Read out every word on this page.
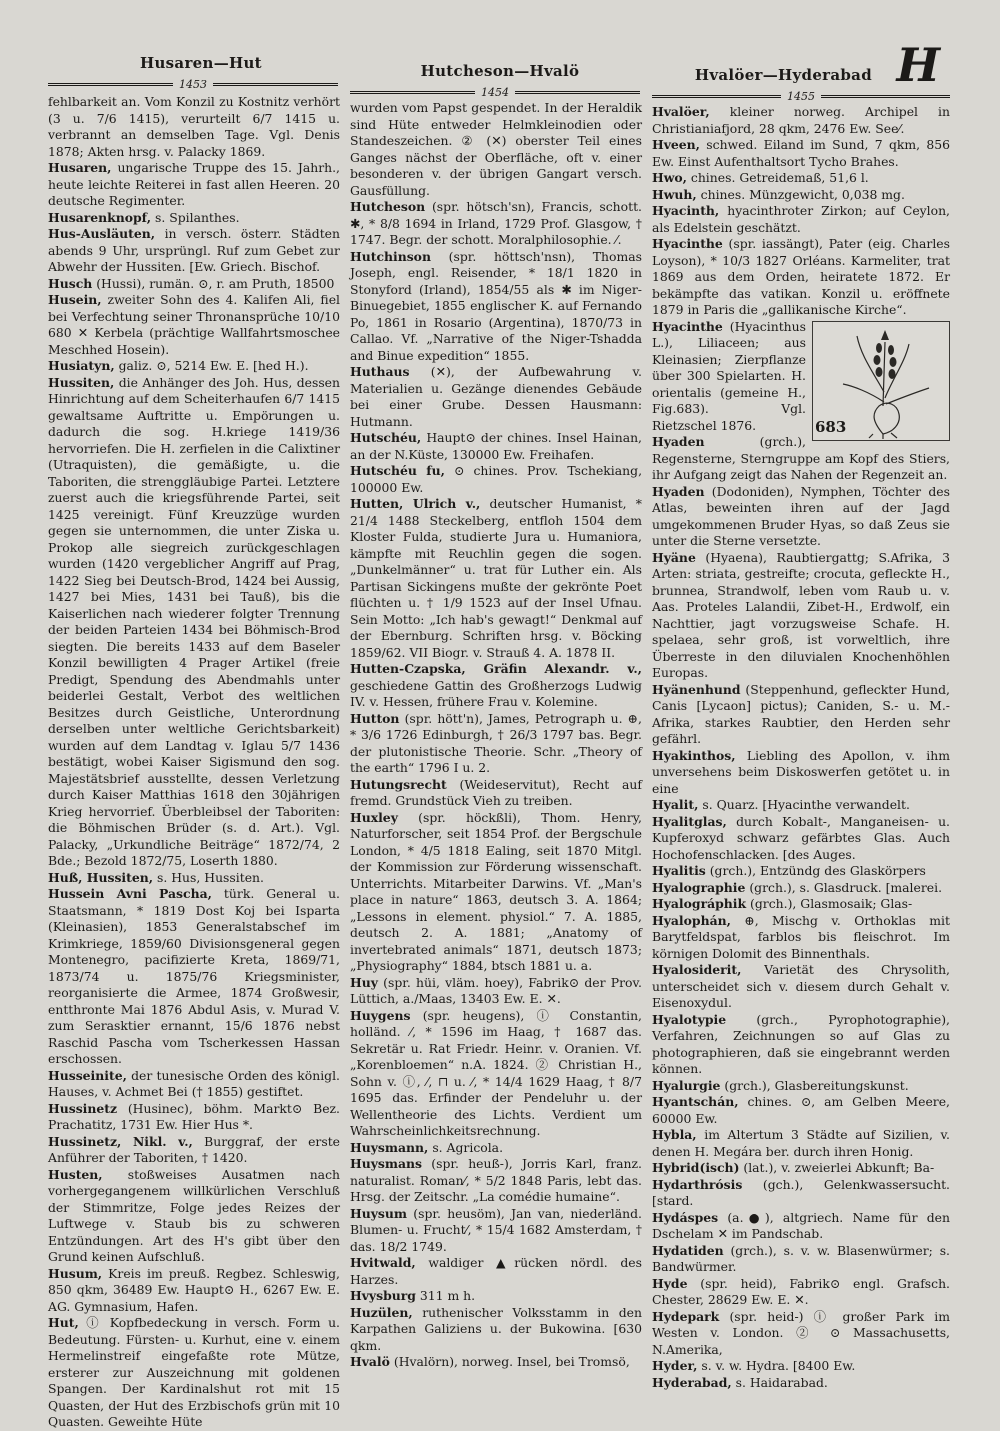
Husaren—Hut	Hutcheson—Hvalö	Hvalöer—Hyderabad H
1453
1454	1455

fehlbarkeit an. Vom Konzil zu Kostnitz verhört (3 u. 7/6 1415), verurteilt 6/7 1415 u. verbrannt an demselben Tage. Vgl. Denis 1878; Akten hrsg. v. Palacky 1869.

Husaren, ungarische Truppe des 15. Jahrh., heute leichte Reiterei in fast allen Heeren. 20 deutsche Regimenter.

Husarenknopf, s. Spilanthes.

Hus-Ausläuten, in versch. österr. Städten abends 9 Uhr, ursprüngl. Ruf zum Gebet zur Abwehr der Hussiten. [Ew. Griech. Bischof.

Husch (Hussi), rumän. ⊙, r. am Pruth, 18500

Husein, zweiter Sohn des 4. Kalifen Ali, fiel bei Verfechtung seiner Thronansprüche 10/10 680 ✕ Kerbela (prächtige Wallfahrtsmoschee Meschhed Hosein).

Husiatyn, galiz. ⊙, 5214 Ew. E. [hed H.).

Hussiten, die Anhänger des Joh. Hus, dessen Hinrichtung auf dem Scheiterhaufen 6/7 1415 gewaltsame Auftritte u. Empörungen u. dadurch die sog. H.kriege 1419/36 hervorriefen. Die H. zerfielen in die Calixtiner (Utraquisten), die gemäßigte, u. die Taboriten, die strenggläubige Partei. Letztere zuerst auch die kriegsführende Partei, seit 1425 vereinigt. Fünf Kreuzzüge wurden gegen sie unternommen, die unter Ziska u. Prokop alle siegreich zurückgeschlagen wurden (1420 vergeblicher Angriff auf Prag, 1422 Sieg bei Deutsch-Brod, 1424 bei Aussig, 1427 bei Mies, 1431 bei Tauß), bis die Kaiserlichen nach wiederer folgter Trennung der beiden Parteien 1434 bei Böhmisch-Brod siegten. Die bereits 1433 auf dem Baseler Konzil bewilligten 4 Prager Artikel (freie Predigt, Spendung des Abendmahls unter beiderlei Gestalt, Verbot des weltlichen Besitzes durch Geistliche, Unterordnung derselben unter weltliche Gerichtsbarkeit) wurden auf dem Landtag v. Iglau 5/7 1436 bestätigt, wobei Kaiser Sigismund den sog. Majestätsbrief ausstellte, dessen Verletzung durch Kaiser Matthias 1618 den 30jährigen Krieg hervorrief. Überbleibsel der Taboriten: die Böhmischen Brüder (s. d. Art.). Vgl. Palacky, „Urkundliche Beiträge“ 1872/74, 2 Bde.; Bezold 1872/75, Loserth 1880.

Huß, Hussiten, s. Hus, Hussiten.

Hussein Avni Pascha, türk. General u. Staatsmann, * 1819 Dost Koj bei Isparta (Kleinasien), 1853 Generalstabschef im Krimkriege, 1859/60 Divisionsgeneral gegen Montenegro, pacifizierte Kreta, 1869/71, 1873/74 u. 1875/76 Kriegsminister, reorganisierte die Armee, 1874 Großwesir, entthronte Mai 1876 Abdul Asis, v. Murad V. zum Serasktier ernannt, 15/6 1876 nebst Raschid Pascha vom Tscherkessen Hassan erschossen.

Husseinite, der tunesische Orden des königl. Hauses, v. Achmet Bei († 1855) gestiftet.

Hussinetz (Husinec), böhm. Markt⊙ Bez. Prachatitz, 1731 Ew. Hier Hus *.

Hussinetz, Nikl. v., Burggraf, der erste Anführer der Taboriten, † 1420.

Husten, stoßweises Ausatmen nach vorhergegangenem willkürlichen Verschluß der Stimmritze, Folge jedes Reizes der Luftwege v. Staub bis zu schweren Entzündungen. Art des H's gibt über den Grund keinen Aufschluß.

Husum, Kreis im preuß. Regbez. Schleswig, 850 qkm, 36489 Ew. Haupt⊙ H., 6267 Ew. E. AG. Gymnasium, Hafen.

Hut, ⓘ Kopfbedeckung in versch. Form u. Bedeutung. Fürsten- u. Kurhut, eine v. einem Hermelinstreif eingefaßte rote Mütze, ersterer zur Auszeichnung mit goldenen Spangen. Der Kardinalshut rot mit 15 Quasten, der Hut des Erzbischofs grün mit 10 Quasten. Geweihte Hüte

wurden vom Papst gespendet. In der Heraldik sind Hüte entweder Helmkleinodien oder Standeszeichen. ② (✕) oberster Teil eines Ganges nächst der Oberfläche, oft v. einer besonderen v. der übrigen Gangart versch. Gausfüllung.

Hutcheson (spr. hötsch'sn), Francis, schott. ✱, * 8/8 1694 in Irland, 1729 Prof. Glasgow, † 1747. Begr. der schott. Moralphilosophie. ⁄.

Hutchinson (spr. höttsch'nsn), Thomas Joseph, engl. Reisender, * 18/1 1820 in Stonyford (Irland), 1854/55 als ✱ im Niger-Binuegebiet, 1855 englischer K. auf Fernando Po, 1861 in Rosario (Argentina), 1870/73 in Callao. Vf. „Narrative of the Niger-Tshadda and Binue expedition“ 1855.

Huthaus (✕), der Aufbewahrung v. Materialien u. Gezänge dienendes Gebäude bei einer Grube. Dessen Hausmann: Hutmann.

Hutschéu, Haupt⊙ der chines. Insel Hainan, an der N.Küste, 130000 Ew. Freihafen.

Hutschéu fu, ⊙ chines. Prov. Tschekiang, 100000 Ew.

Hutten, Ulrich v., deutscher Humanist, * 21/4 1488 Steckelberg, entfloh 1504 dem Kloster Fulda, studierte Jura u. Humaniora, kämpfte mit Reuchlin gegen die sogen. „Dunkelmänner“ u. trat für Luther ein. Als Partisan Sickingens mußte der gekrönte Poet flüchten u. † 1/9 1523 auf der Insel Ufnau. Sein Motto: „Ich hab's gewagt!“ Denkmal auf der Ebernburg. Schriften hrsg. v. Böcking 1859/62. VII Biogr. v. Strauß 4. A. 1878 II.

Hutten-Czapska, Gräfin Alexandr. v., geschiedene Gattin des Großherzogs Ludwig IV. v. Hessen, frühere Frau v. Kolemine.

Hutton (spr. hött'n), James, Petrograph u. ⊕, * 3/6 1726 Edinburgh, † 26/3 1797 bas. Begr. der plutonistische Theorie. Schr. „Theory of the earth“ 1796 I u. 2.

Hutungsrecht (Weideservitut), Recht auf fremd. Grundstück Vieh zu treiben.

Huxley (spr. höckßli), Thom. Henry, Naturforscher, seit 1854 Prof. der Bergschule London, * 4/5 1818 Ealing, seit 1870 Mitgl. der Kommission zur Förderung wissenschaft. Unterrichts. Mitarbeiter Darwins. Vf. „Man's place in nature“ 1863, deutsch 3. A. 1864; „Lessons in element. physiol.“ 7. A. 1885, deutsch 2. A. 1881; „Anatomy of invertebrated animals“ 1871, deutsch 1873; „Physiography“ 1884, btsch 1881 u. a.

Huy (spr. hüi, vläm. hoey), Fabrik⊙ der Prov. Lüttich, a./Maas, 13403 Ew. E. ✕.

Huygens (spr. heugens), ⓘ Constantin, holländ. ⁄, * 1596 im Haag, † 1687 das. Sekretär u. Rat Friedr. Heinr. v. Oranien. Vf. „Korenbloemen“ n.A. 1824. ② Christian H., Sohn v. ⓘ, ⁄, ⊓ u. ⁄, * 14/4 1629 Haag, † 8/7 1695 das. Erfinder der Pendeluhr u. der Wellentheorie des Lichts. Verdient um Wahrscheinlichkeitsrechnung.

Huysmann, s. Agricola.

Huysmans (spr. heuß-), Jorris Karl, franz. naturalist. Roman⁄, * 5/2 1848 Paris, lebt das. Hrsg. der Zeitschr. „La comédie humaine“.

Huysum (spr. heusöm), Jan van, niederländ. Blumen- u. Frucht⁄, * 15/4 1682 Amsterdam, † das. 18/2 1749.

Hvitwald, waldiger ▲rücken nördl. des Harzes.

Hvysburg 311 m h.

Huzülen, ruthenischer Volksstamm in den Karpathen Galiziens u. der Bukowina. [630 qkm.

Hvalö (Hvalörn), norweg. Insel, bei Tromsö,

Hvalöer, kleiner norweg. Archipel in Christianiafjord, 28 qkm, 2476 Ew. See⁄.

Hveen, schwed. Eiland im Sund, 7 qkm, 856 Ew. Einst Aufenthaltsort Tycho Brahes.

Hwo, chines. Getreidemaß, 51,6 l.

Hwuh, chines. Münzgewicht, 0,038 mg.

Hyacinth, hyacinthroter Zirkon; auf Ceylon, als Edelstein geschätzt.

Hyacinthe (spr. iassängt), Pater (eig. Charles Loyson), * 10/3 1827 Orléans. Karmeliter, trat 1869 aus dem Orden, heiratete 1872. Er bekämpfte das vatikan. Konzil u. eröffnete 1879 in Paris die „gallikanische Kirche“.

683
Hyacinthe (Hyacinthus L.), Liliaceen; aus Kleinasien; Zierpflanze über 300 Spielarten. H. orientalis (gemeine H., Fig.683). Vgl. Rietzschel 1876.

Hyaden (grch.), Regensterne, Sterngruppe am Kopf des Stiers, ihr Aufgang zeigt das Nahen der Regenzeit an.

Hyaden (Dodoniden), Nymphen, Töchter des Atlas, beweinten ihren auf der Jagd umgekommenen Bruder Hyas, so daß Zeus sie unter die Sterne versetzte.

Hyäne (Hyaena), Raubtiergattg; S.Afrika, 3 Arten: striata, gestreifte; crocuta, gefleckte H., brunnea, Strandwolf, leben vom Raub u. v. Aas. Proteles Lalandii, Zibet-H., Erdwolf, ein Nachttier, jagt vorzugsweise Schafe. H. spelaea, sehr groß, ist vorweltlich, ihre Überreste in den diluvialen Knochenhöhlen Europas.

Hyänenhund (Steppenhund, gefleckter Hund, Canis [Lycaon] pictus); Caniden, S.- u. M.-Afrika, starkes Raubtier, den Herden sehr gefährl.

Hyakinthos, Liebling des Apollon, v. ihm unversehens beim Diskoswerfen getötet u. in eine

Hyalit, s. Quarz. [Hyacinthe verwandelt.

Hyalitglas, durch Kobalt-, Manganeisen- u. Kupferoxyd schwarz gefärbtes Glas. Auch Hochofenschlacken. [des Auges.

Hyalitis (grch.), Entzündg des Glaskörpers

Hyalographie (grch.), s. Glasdruck. [malerei.

Hyalográphik (grch.), Glasmosaik; Glas-

Hyalophán, ⊕, Mischg v. Orthoklas mit Barytfeldspat, farblos bis fleischrot. Im körnigen Dolomit des Binnenthals.

Hyalosiderit, Varietät des Chrysolith, unterscheidet sich v. diesem durch Gehalt v. Eisenoxydul.

Hyalotypie (grch., Pyrophotographie), Verfahren, Zeichnungen so auf Glas zu photographieren, daß sie eingebrannt werden können.

Hyalurgie (grch.), Glasbereitungskunst.

Hyantschán, chines. ⊙, am Gelben Meere, 60000 Ew.

Hybla, im Altertum 3 Städte auf Sizilien, v. denen H. Megára ber. durch ihren Honig.

Hybrid(isch) (lat.), v. zweierlei Abkunft; Ba-

Hydarthrósis (gch.), Gelenkwassersucht. [stard.

Hydáspes (a.●), altgriech. Name für den Dschelam ✕ im Pandschab.

Hydatiden (grch.), s. v. w. Blasenwürmer; s. Bandwürmer.

Hyde (spr. heid), Fabrik⊙ engl. Grafsch. Chester, 28629 Ew. E. ✕.

Hydepark (spr. heid-) ⓘ großer Park im Westen v. London. ② ⊙ Massachusetts, N.Amerika,

Hyder, s. v. w. Hydra. [8400 Ew.

Hyderabad, s. Haidarabad.
